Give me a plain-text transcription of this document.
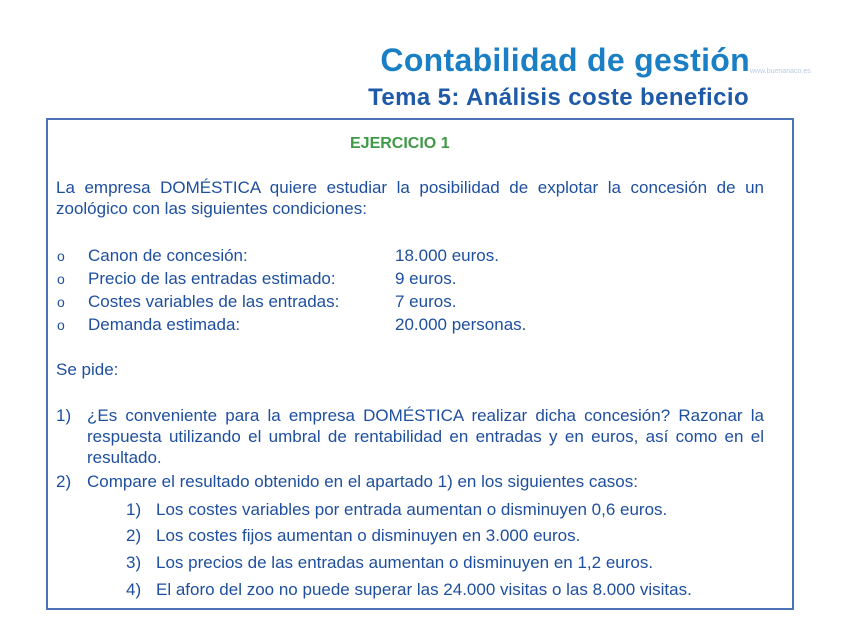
Contabilidad de gestión www.buenanaco.es
Tema 5: Análisis coste beneficio
EJERCICIO 1
La empresa DOMÉSTICA quiere estudiar la posibilidad de explotar la concesión de un zoológico con las siguientes condiciones:
o Canon de concesión:	18.000 euros.
o Precio de las entradas estimado:	9 euros.
o Costes variables de las entradas:	7 euros.
o Demanda estimada:	20.000 personas.
Se pide:
1) ¿Es conveniente para la empresa DOMÉSTICA realizar dicha concesión? Razonar la respuesta utilizando el umbral de rentabilidad en entradas y en euros, así como en el resultado.
2) Compare el resultado obtenido en el apartado 1) en los siguientes casos:
1) Los costes variables por entrada aumentan o disminuyen 0,6 euros.
2) Los costes fijos aumentan o disminuyen en 3.000 euros.
3) Los precios de las entradas aumentan o disminuyen en 1,2 euros.
4) El aforo del zoo no puede superar las 24.000 visitas o las 8.000 visitas.
